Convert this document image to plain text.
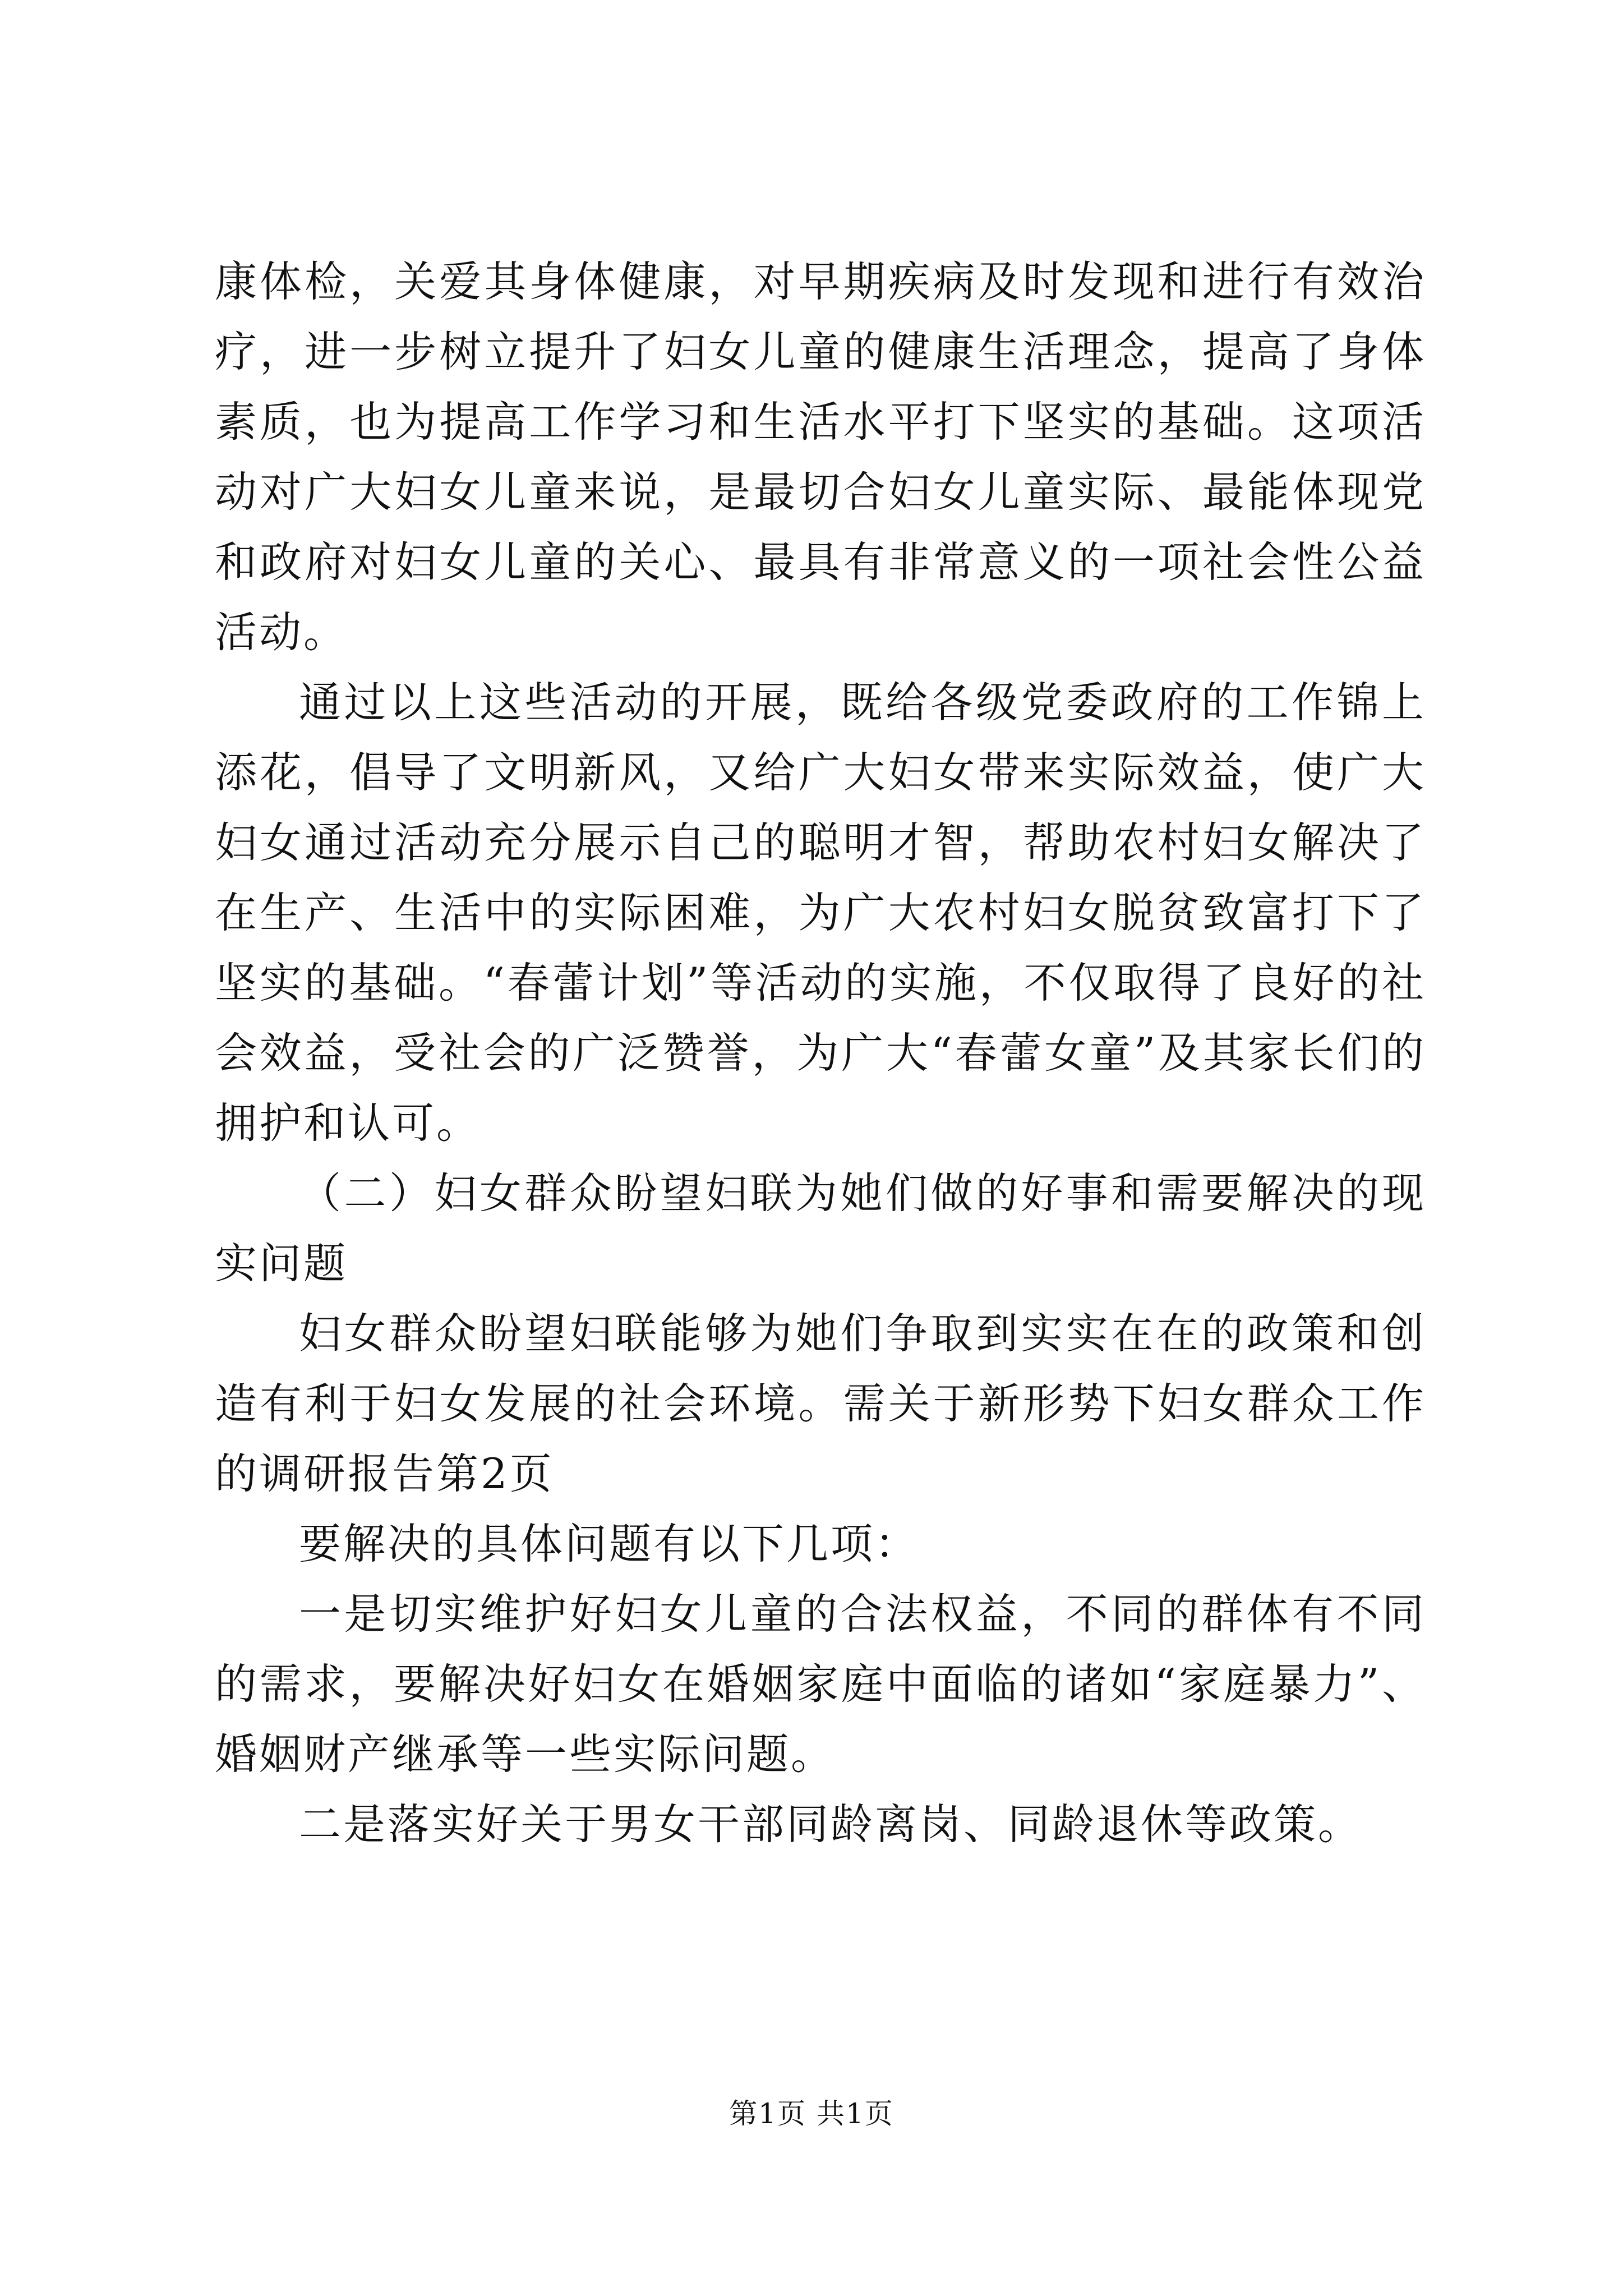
康体检，关爱其身体健康，对早期疾病及时发现和进行有效治疗，进一步树立提升了妇女儿童的健康生活理念，提高了身体素质，也为提高工作学习和生活水平打下坚实的基础。这项活动对广大妇女儿童来说，是最切合妇女儿童实际、最能体现党和政府对妇女儿童的关心、最具有非常意义的一项社会性公益活动。

通过以上这些活动的开展，既给各级党委政府的工作锦上添花，倡导了文明新风，又给广大妇女带来实际效益，使广大妇女通过活动充分展示自己的聪明才智，帮助农村妇女解决了在生产、生活中的实际困难，为广大农村妇女脱贫致富打下了坚实的基础。“春蕾计划”等活动的实施，不仅取得了良好的社会效益，受社会的广泛赞誉，为广大“春蕾女童”及其家长们的拥护和认可。

（二）妇女群众盼望妇联为她们做的好事和需要解决的现实问题

妇女群众盼望妇联能够为她们争取到实实在在的政策和创造有利于妇女发展的社会环境。需关于新形势下妇女群众工作的调研报告第2页

要解决的具体问题有以下几项：

一是切实维护好妇女儿童的合法权益，不同的群体有不同的需求，要解决好妇女在婚姻家庭中面临的诸如“家庭暴力”、婚姻财产继承等一些实际问题。

二是落实好关于男女干部同龄离岗、同龄退休等政策。

第1页 共1页
